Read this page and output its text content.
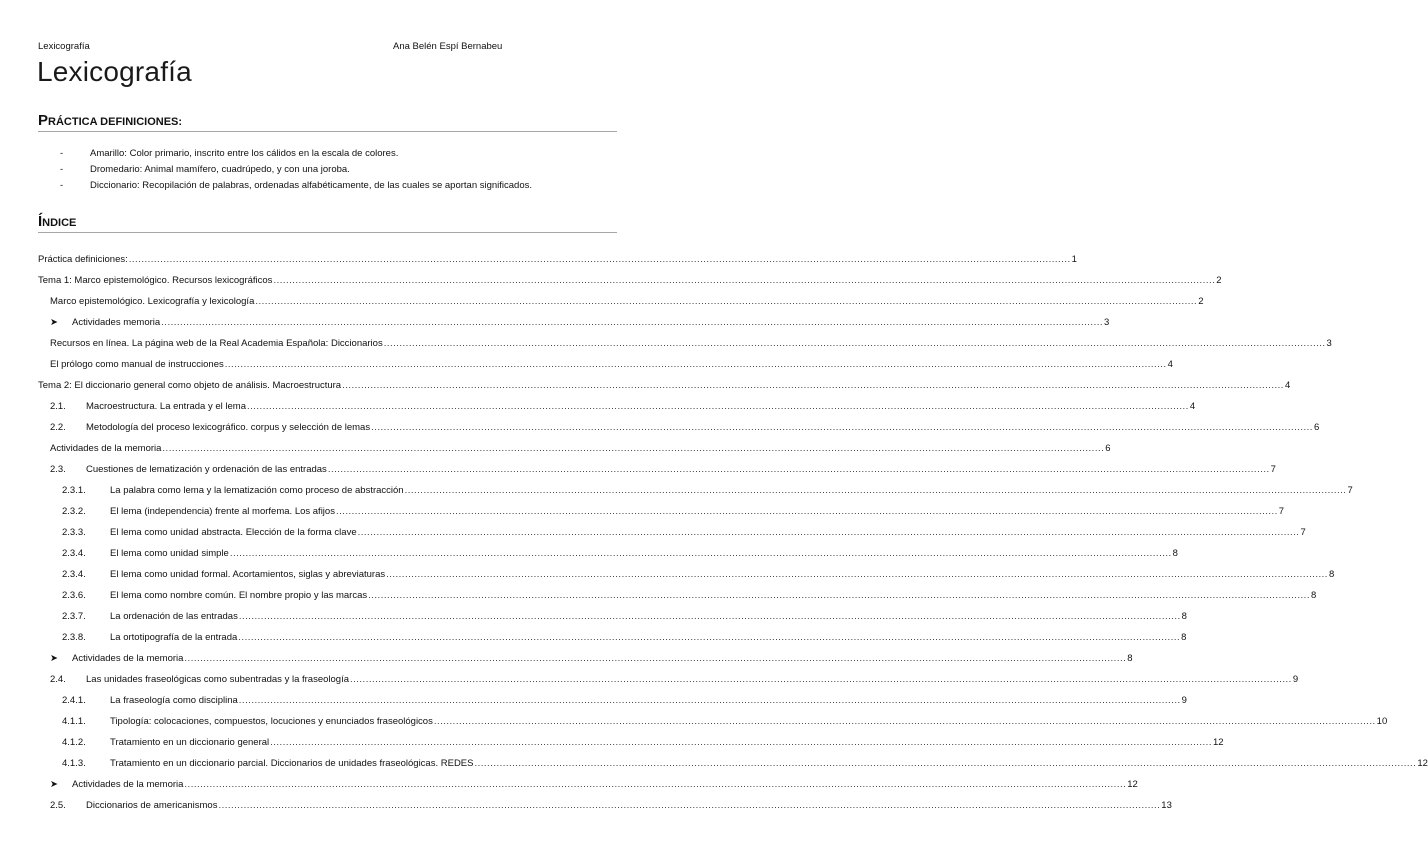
Lexicografía	Ana Belén Espí Bernabeu
Lexicografía
PRÁCTICA DEFINICIONES:
-	Amarillo: Color primario, inscrito entre los cálidos en la escala de colores.
-	Dromedario: Animal mamífero, cuadrúpedo, y con una joroba.
-	Diccionario: Recopilación de palabras, ordenadas alfabéticamente, de las cuales se aportan significados.
ÍNDICE
Práctica definiciones: ............................................................................................................................................................................................................................................................................................................ 1
Tema 1: Marco epistemológico. Recursos lexicográficos ............................................................................................................................................................................................................................................................................................................ 2
Marco epistemológico. Lexicografía y lexicología ............................................................................................................................................................................................................................................................................................................ 2
➤	Actividades memoria ............................................................................................................................................................................................................................................................................................................ 3
Recursos en línea. La página web de la Real Academia Española: Diccionarios ............................................................................................................................................................................................................................................................................................................ 3
El prólogo como manual de instrucciones ............................................................................................................................................................................................................................................................................................................ 4
Tema 2: El diccionario general como objeto de análisis. Macroestructura ............................................................................................................................................................................................................................................................................................................ 4
2.1.	Macroestructura. La entrada y el lema ............................................................................................................................................................................................................................................................................................................ 4
2.2.	Metodología del proceso lexicográfico. corpus y selección de lemas ............................................................................................................................................................................................................................................................................................................ 6
Actividades de la memoria ............................................................................................................................................................................................................................................................................................................ 6
2.3.	Cuestiones de lematización y ordenación de las entradas ............................................................................................................................................................................................................................................................................................................ 7
2.3.1.	La palabra como lema y la lematización como proceso de abstracción ............................................................................................................................................................................................................................................................................................................ 7
2.3.2.	El lema (independencia) frente al morfema. Los afijos ............................................................................................................................................................................................................................................................................................................ 7
2.3.3.	El lema como unidad abstracta. Elección de la forma clave ............................................................................................................................................................................................................................................................................................................ 7
2.3.4.	El lema como unidad simple ............................................................................................................................................................................................................................................................................................................ 8
2.3.4.	El lema como unidad formal. Acortamientos, siglas y abreviaturas ............................................................................................................................................................................................................................................................................................................ 8
2.3.6.	El lema como nombre común. El nombre propio y las marcas ............................................................................................................................................................................................................................................................................................................ 8
2.3.7.	La ordenación de las entradas ............................................................................................................................................................................................................................................................................................................ 8
2.3.8.	La ortotipografía de la entrada ............................................................................................................................................................................................................................................................................................................ 8
➤	Actividades de la memoria ............................................................................................................................................................................................................................................................................................................ 8
2.4.	Las unidades fraseológicas como subentradas y la fraseología ............................................................................................................................................................................................................................................................................................................ 9
2.4.1.	La fraseología como disciplina ............................................................................................................................................................................................................................................................................................................ 9
4.1.1.	Tipología: colocaciones, compuestos, locuciones y enunciados fraseológicos ............................................................................................................................................................................................................................................................................................................ 10
4.1.2.	Tratamiento en un diccionario general ............................................................................................................................................................................................................................................................................................................ 12
4.1.3.	Tratamiento en un diccionario parcial. Diccionarios de unidades fraseológicas. REDES ............................................................................................................................................................................................................................................................................................................ 12
➤	Actividades de la memoria ............................................................................................................................................................................................................................................................................................................ 12
2.5.	Diccionarios de americanismos ............................................................................................................................................................................................................................................................................................................ 13
